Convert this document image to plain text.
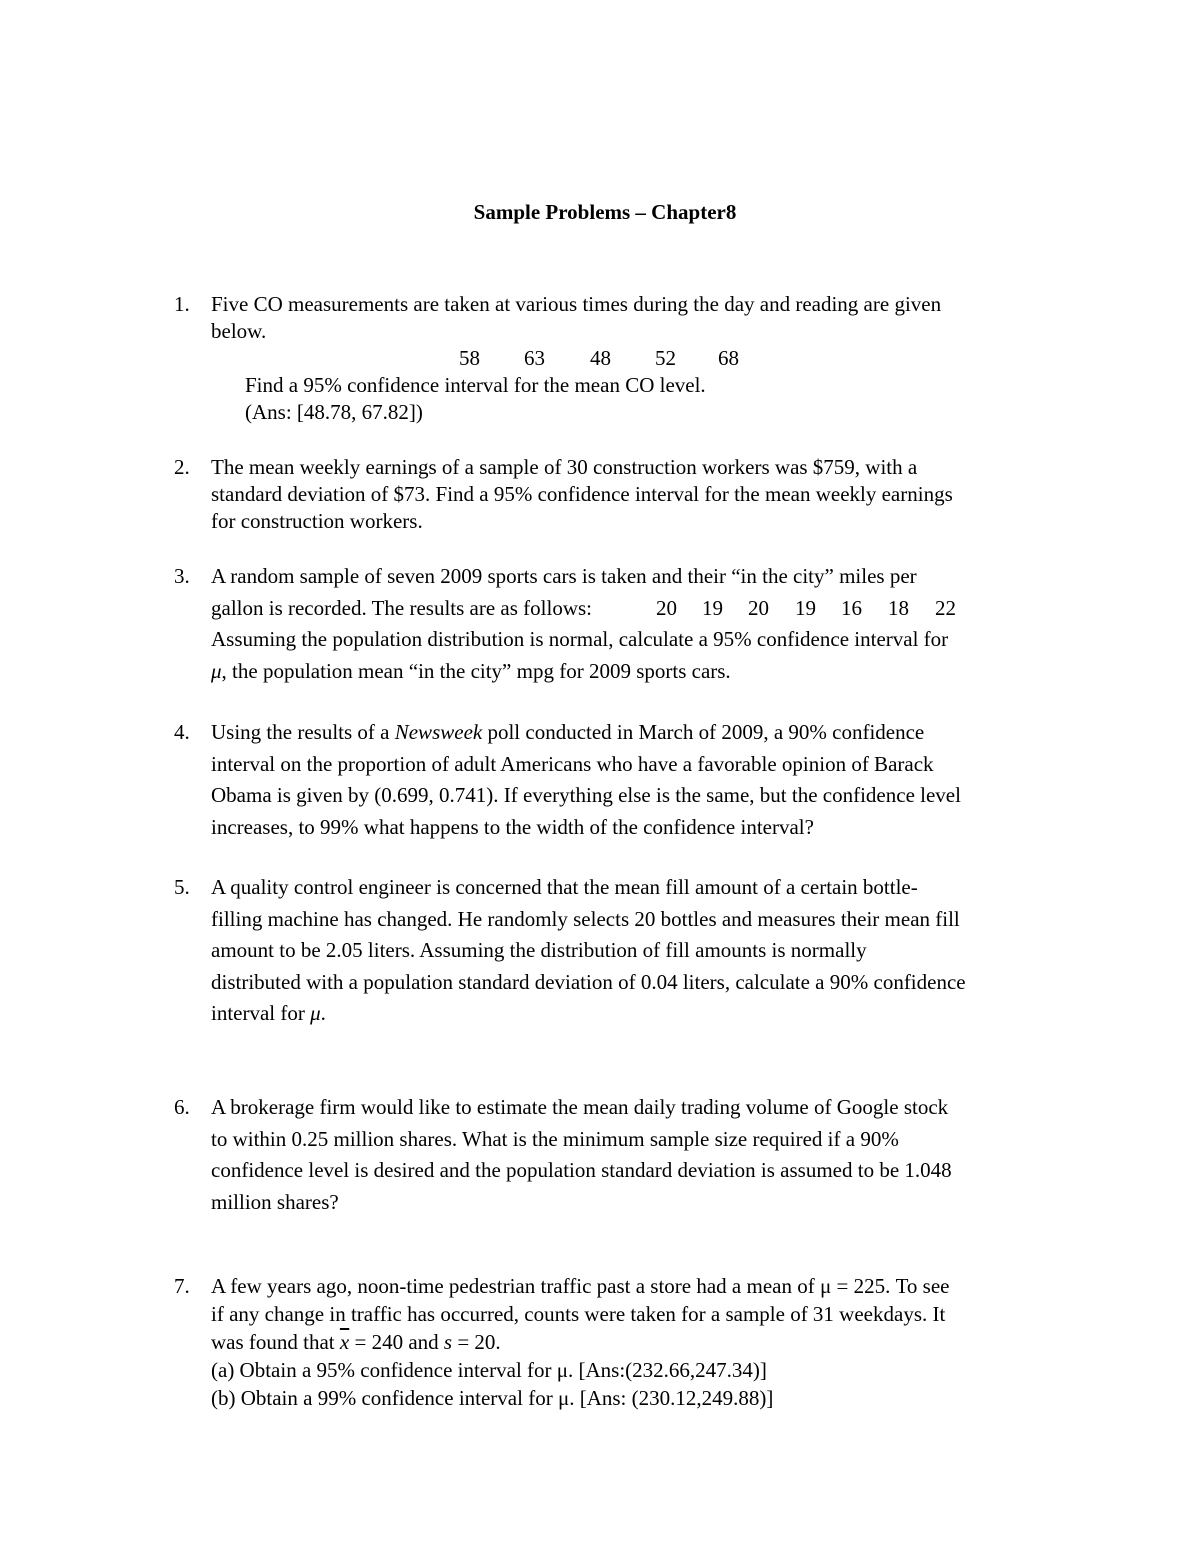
Sample Problems – Chapter8
1.	Five CO measurements are taken at various times during the day and reading are given
below.
58 63 48 52 68
Find a 95% confidence interval for the mean CO level.
(Ans: [48.78, 67.82])
2.	The mean weekly earnings of a sample of 30 construction workers was $759, with a
standard deviation of $73. Find a 95% confidence interval for the mean weekly earnings
for construction workers.
3.	A random sample of seven 2009 sports cars is taken and their “in the city” miles per
gallon is recorded. The results are as follows:	20 19 20 19 16 18 22
Assuming the population distribution is normal, calculate a 95% confidence interval for
μ, the population mean “in the city” mpg for 2009 sports cars.
4.	Using the results of a Newsweek poll conducted in March of 2009, a 90% confidence
interval on the proportion of adult Americans who have a favorable opinion of Barack
Obama is given by (0.699, 0.741). If everything else is the same, but the confidence level
increases, to 99% what happens to the width of the confidence interval?
5.	A quality control engineer is concerned that the mean fill amount of a certain bottle-
filling machine has changed. He randomly selects 20 bottles and measures their mean fill
amount to be 2.05 liters. Assuming the distribution of fill amounts is normally
distributed with a population standard deviation of 0.04 liters, calculate a 90% confidence
interval for μ.
6.	A brokerage firm would like to estimate the mean daily trading volume of Google stock
to within 0.25 million shares. What is the minimum sample size required if a 90%
confidence level is desired and the population standard deviation is assumed to be 1.048
million shares?
7.	A few years ago, noon-time pedestrian traffic past a store had a mean of μ = 225. To see
if any change in traffic has occurred, counts were taken for a sample of 31 weekdays. It
was found that $\overline{x} = 240$ and s = 20.
(a) Obtain a 95% confidence interval for μ. [Ans:(232.66,247.34)]
(b) Obtain a 99% confidence interval for μ. [Ans: (230.12,249.88)]
